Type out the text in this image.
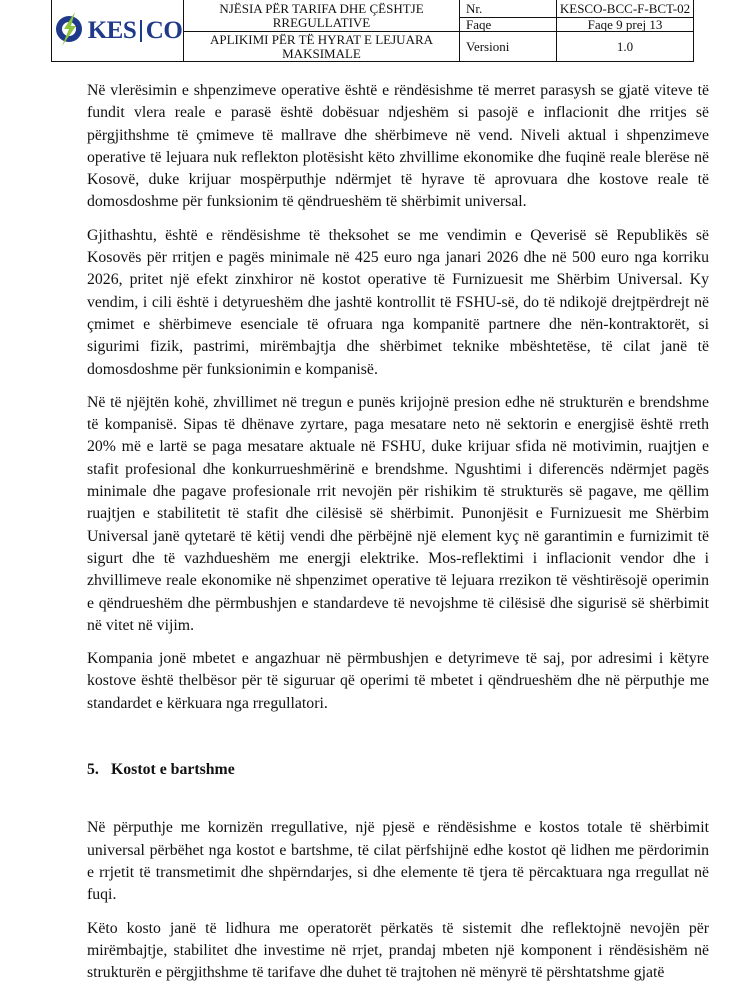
KES CO
NJËSIA PËR TARIFA DHE ÇËSHTJE RREGULLATIVE
APLIKIMI PËR TË HYRAT E LEJUARA MAKSIMALE
Nr.	KESCO-BCC-F-BCT-02
Faqe	Faqe 9 prej 13
Versioni	1.0

Në vlerësimin e shpenzimeve operative është e rëndësishme të merret parasysh se gjatë viteve të fundit vlera reale e parasë është dobësuar ndjeshëm si pasojë e inflacionit dhe rritjes së përgjithshme të çmimeve të mallrave dhe shërbimeve në vend. Niveli aktual i shpenzimeve operative të lejuara nuk reflekton plotësisht këto zhvillime ekonomike dhe fuqinë reale blerëse në Kosovë, duke krijuar mospërputhje ndërmjet të hyrave të aprovuara dhe kostove reale të domosdoshme për funksionim të qëndrueshëm të shërbimit universal.

Gjithashtu, është e rëndësishme të theksohet se me vendimin e Qeverisë së Republikës së Kosovës për rritjen e pagës minimale në 425 euro nga janari 2026 dhe në 500 euro nga korriku 2026, pritet një efekt zinxhiror në kostot operative të Furnizuesit me Shërbim Universal. Ky vendim, i cili është i detyrueshëm dhe jashtë kontrollit të FSHU-së, do të ndikojë drejtpërdrejt në çmimet e shërbimeve esenciale të ofruara nga kompanitë partnere dhe nën-kontraktorët, si sigurimi fizik, pastrimi, mirëmbajtja dhe shërbimet teknike mbështetëse, të cilat janë të domosdoshme për funksionimin e kompanisë.

Në të njëjtën kohë, zhvillimet në tregun e punës krijojnë presion edhe në strukturën e brendshme të kompanisë. Sipas të dhënave zyrtare, paga mesatare neto në sektorin e energjisë është rreth 20% më e lartë se paga mesatare aktuale në FSHU, duke krijuar sfida në motivimin, ruajtjen e stafit profesional dhe konkurrueshmërinë e brendshme. Ngushtimi i diferencës ndërmjet pagës minimale dhe pagave profesionale rrit nevojën për rishikim të strukturës së pagave, me qëllim ruajtjen e stabilitetit të stafit dhe cilësisë së shërbimit. Punonjësit e Furnizuesit me Shërbim Universal janë qytetarë të këtij vendi dhe përbëjnë një element kyç në garantimin e furnizimit të sigurt dhe të vazhdueshëm me energji elektrike. Mos-reflektimi i inflacionit vendor dhe i zhvillimeve reale ekonomike në shpenzimet operative të lejuara rrezikon të vështirësojë operimin e qëndrueshëm dhe përmbushjen e standardeve të nevojshme të cilësisë dhe sigurisë së shërbimit në vitet në vijim.

Kompania jonë mbetet e angazhuar në përmbushjen e detyrimeve të saj, por adresimi i këtyre kostove është thelbësor për të siguruar që operimi të mbetet i qëndrueshëm dhe në përputhje me standardet e kërkuara nga rregullatori.

5. Kostot e bartshme

Në përputhje me kornizën rregullative, një pjesë e rëndësishme e kostos totale të shërbimit universal përbëhet nga kostot e bartshme, të cilat përfshijnë edhe kostot që lidhen me përdorimin e rrjetit të transmetimit dhe shpërndarjes, si dhe elemente të tjera të përcaktuara nga rregullat në fuqi.

Këto kosto janë të lidhura me operatorët përkatës të sistemit dhe reflektojnë nevojën për mirëmbajtje, stabilitet dhe investime në rrjet, prandaj mbeten një komponent i rëndësishëm në strukturën e përgjithshme të tarifave dhe duhet të trajtohen në mënyrë të përshtatshme gjatë
